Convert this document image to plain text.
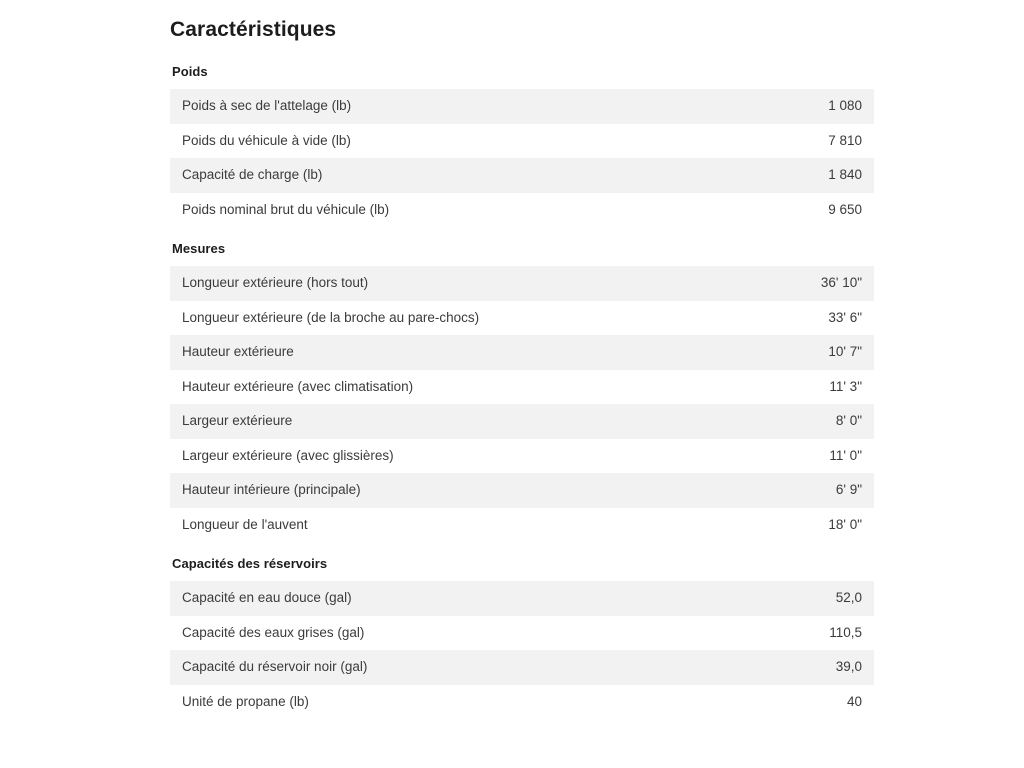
Caractéristiques
Poids
Poids à sec de l'attelage (lb)	1 080
Poids du véhicule à vide (lb)	7 810
Capacité de charge (lb)	1 840
Poids nominal brut du véhicule (lb)	9 650
Mesures
Longueur extérieure (hors tout)	36' 10"
Longueur extérieure (de la broche au pare-chocs)	33' 6"
Hauteur extérieure	10' 7"
Hauteur extérieure (avec climatisation)	11' 3"
Largeur extérieure	8' 0"
Largeur extérieure (avec glissières)	11' 0"
Hauteur intérieure (principale)	6' 9"
Longueur de l'auvent	18' 0"
Capacités des réservoirs
Capacité en eau douce (gal)	52,0
Capacité des eaux grises (gal)	110,5
Capacité du réservoir noir (gal)	39,0
Unité de propane (lb)	40
